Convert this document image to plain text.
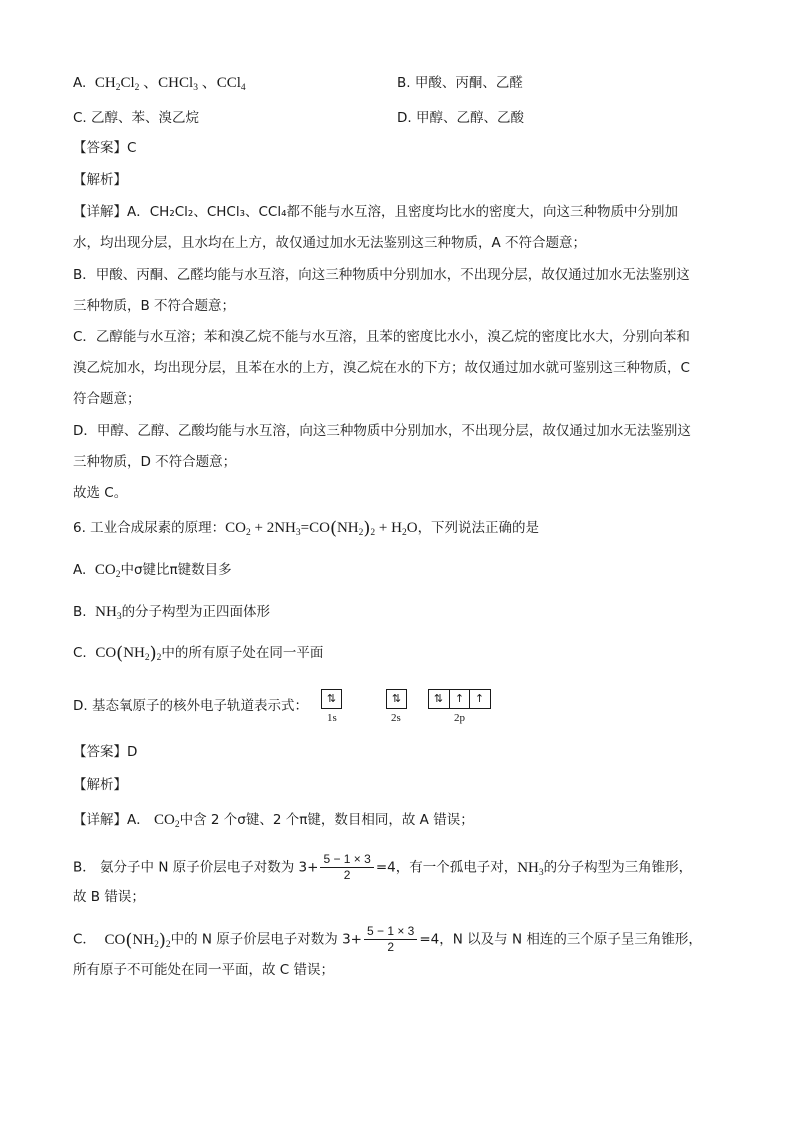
A. $CH_2Cl_2$ 、CHCl$_3$ 、CCl$_4$	B. 甲酸、丙酮、乙醛
C. 乙醇、苯、溴乙烷	D. 甲醇、乙醇、乙酸
【答案】C
【解析】
【详解】A．CH₂Cl₂、CHCl₃、CCl₄都不能与水互溶，且密度均比水的密度大，向这三种物质中分别加
水，均出现分层，且水均在上方，故仅通过加水无法鉴别这三种物质，A 不符合题意；
B．甲酸、丙酮、乙醛均能与水互溶，向这三种物质中分别加水，不出现分层，故仅通过加水无法鉴别这
三种物质，B 不符合题意；
C．乙醇能与水互溶；苯和溴乙烷不能与水互溶，且苯的密度比水小，溴乙烷的密度比水大，分别向苯和
溴乙烷加水，均出现分层，且苯在水的上方，溴乙烷在水的下方；故仅通过加水就可鉴别这三种物质，C
符合题意；
D．甲醇、乙醇、乙酸均能与水互溶，向这三种物质中分别加水，不出现分层，故仅通过加水无法鉴别这
三种物质，D 不符合题意；
故选 C。
6. 工业合成尿素的原理：$CO_2 + 2NH_3=CO(NH_2)_2 + H_2O$，下列说法正确的是
A.  $CO_2$中σ键比π键数目多
B.  $NH_3$的分子构型为正四面体形
C.  $CO(NH_2)_2$中的所有原子处在同一平面
D. 基态氧原子的核外电子轨道表示式：	⇅
1s
⇅
2s
⇅	↑ ↑
2p
【答案】D
【解析】
【详解】A． $CO_2$中含 2 个σ键、2 个π键，数目相同，故 A 错误；
B． 氨分子中 N 原子价层电子对数为 $3+ \frac{5 - 1 \times 3}{2} =4$，有一个孤电子对，$NH_3$的分子构型为三角锥形，
故 B 错误；
C． $CO(NH_2)_2$中的 N 原子价层电子对数为 $3+ \frac{5 - 1 \times 3}{2} =4$，N 以及与 N 相连的三个原子呈三角锥形，
所有原子不可能处在同一平面，故 C 错误；
